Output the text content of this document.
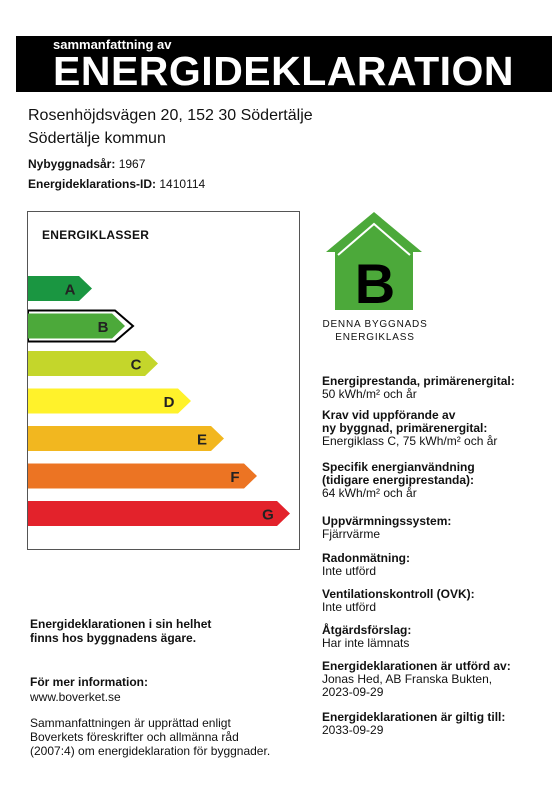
sammanfattning av
ENERGIDEKLARATION
Rosenhöjdsvägen 20, 152 30 Södertälje
Södertälje kommun
Nybyggnadsår: 1967
Energideklarations-ID: 1410114
ENERGIKLASSER
A
B
C
D
E
F
G
B
DENNA BYGGNADS
ENERGIKLASS
Energiprestanda, primärenergital:
50 kWh/m² och år
Krav vid uppförande av
ny byggnad, primärenergital:
Energiklass C, 75 kWh/m² och år
Specifik energianvändning
(tidigare energiprestanda):
64 kWh/m² och år
Uppvärmningssystem:
Fjärrvärme
Radonmätning:
Inte utförd
Ventilationskontroll (OVK):
Inte utförd
Åtgärdsförslag:
Har inte lämnats
Energideklarationen är utförd av:
Jonas Hed, AB Franska Bukten,
2023-09-29
Energideklarationen är giltig till:
2033-09-29
Energideklarationen i sin helhet
finns hos byggnadens ägare.
För mer information:
www.boverket.se
Sammanfattningen är upprättad enligt
Boverkets föreskrifter och allmänna råd
(2007:4) om energideklaration för byggnader.
